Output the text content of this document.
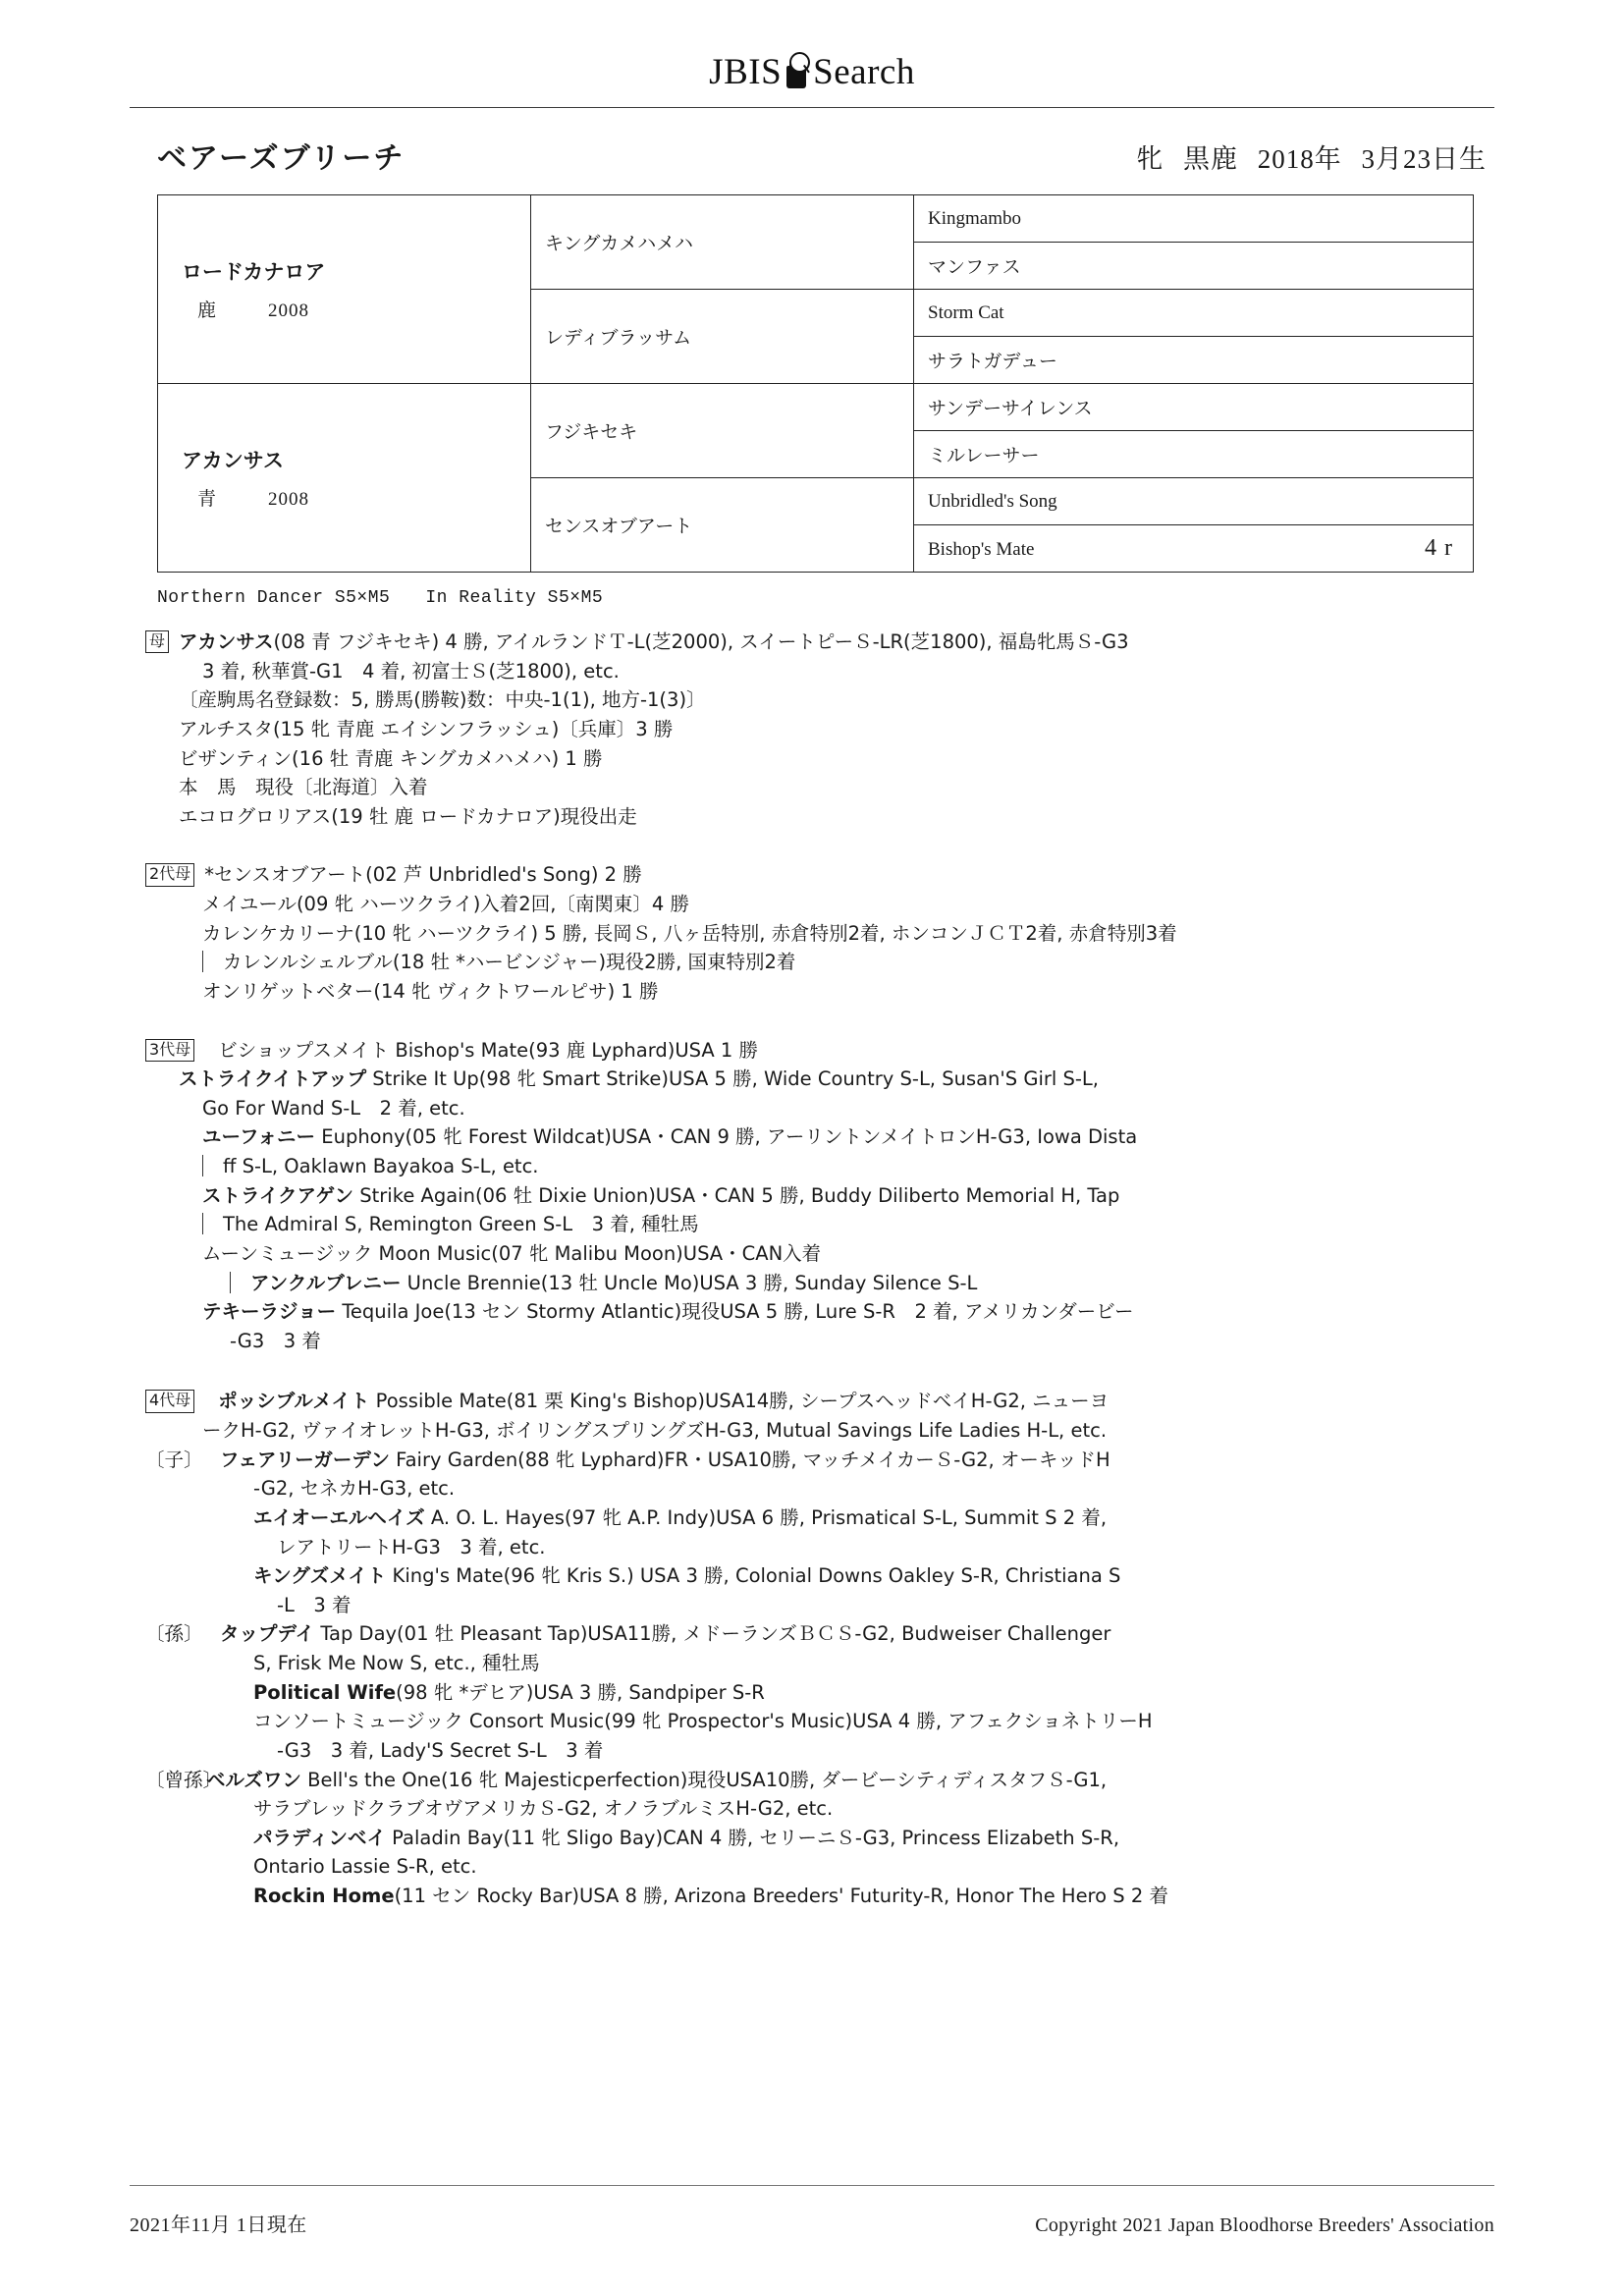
JBIS Search
ベアーズブリーチ	牝 黒鹿 2018年 3月23日生
ロードカナロア
鹿 2008	キングカメハメハ	Kingmambo
		マンファス
	レディブラッサム	Storm Cat
		サラトガデュー

アカンサス
青 2008	フジキセキ	サンデーサイレンス
		ミルレーサー
	センスオブアート	Unbridled's Song

		Bishop's Mate 4 r
Northern Dancer S5×M5 In Reality S5×M5
母 アカンサス(08 青 フジキセキ) 4 勝, アイルランドＴ-L(芝2000), スイートピーＳ-LR(芝1800), 福島牝馬Ｓ-G3
3 着, 秋華賞-G1　4 着, 初富士Ｓ(芝1800), etc.
〔産駒馬名登録数：5, 勝馬(勝鞍)数：中央-1(1), 地方-1(3)〕
アルチスタ(15 牝 青鹿 エイシンフラッシュ)〔兵庫〕3 勝
ビザンティン(16 牡 青鹿 キングカメハメハ) 1 勝
本　馬　現役〔北海道〕入着
エコログロリアス(19 牡 鹿 ロードカナロア)現役出走
2代母 *センスオブアート(02 芦 Unbridled's Song) 2 勝
メイユール(09 牝 ハーツクライ)入着2回,〔南関東〕4 勝
カレンケカリーナ(10 牝 ハーツクライ) 5 勝, 長岡Ｓ, 八ヶ岳特別, 赤倉特別2着, ホンコンＪＣＴ2着, 赤倉特別3着
カレンルシェルブル(18 牡 *ハービンジャー)現役2勝, 国東特別2着
オンリゲットベター(14 牝 ヴィクトワールピサ) 1 勝
3代母 ビショップスメイト Bishop's Mate(93 鹿 Lyphard)USA 1 勝
ストライクイトアップ Strike It Up(98 牝 Smart Strike)USA 5 勝, Wide Country S-L, Susan'S Girl S-L,
Go For Wand S-L　2 着, etc.
ユーフォニー Euphony(05 牝 Forest Wildcat)USA・CAN 9 勝, アーリントンメイトロンH-G3, Iowa Dista
ff S-L, Oaklawn Bayakoa S-L, etc.
ストライクアゲン Strike Again(06 牡 Dixie Union)USA・CAN 5 勝, Buddy Diliberto Memorial H, Tap
The Admiral S, Remington Green S-L　3 着, 種牡馬
ムーンミュージック Moon Music(07 牝 Malibu Moon)USA・CAN入着
アンクルブレニー Uncle Brennie(13 牡 Uncle Mo)USA 3 勝, Sunday Silence S-L
テキーラジョー Tequila Joe(13 セン Stormy Atlantic)現役USA 5 勝, Lure S-R　2 着, アメリカンダービー
-G3　3 着
4代母 ポッシブルメイト Possible Mate(81 栗 King's Bishop)USA14勝, シープスヘッドベイH-G2, ニューヨ
ークH-G2, ヴァイオレットH-G3, ボイリングスプリングズH-G3, Mutual Savings Life Ladies H-L, etc.
〔子〕 フェアリーガーデン Fairy Garden(88 牝 Lyphard)FR・USA10勝, マッチメイカーＳ-G2, オーキッドH
-G2, セネカH-G3, etc.
エイオーエルヘイズ A. O. L. Hayes(97 牝 A.P. Indy)USA 6 勝, Prismatical S-L, Summit S 2 着,
レアトリートH-G3　3 着, etc.
キングズメイト King's Mate(96 牝 Kris S.) USA 3 勝, Colonial Downs Oakley S-R, Christiana S
-L　3 着
〔孫〕 タップデイ Tap Day(01 牡 Pleasant Tap)USA11勝, メドーランズＢＣＳ-G2, Budweiser Challenger
S, Frisk Me Now S, etc., 種牡馬
Political Wife(98 牝 *デヒア)USA 3 勝, Sandpiper S-R
コンソートミュージック Consort Music(99 牝 Prospector's Music)USA 4 勝, アフェクショネトリーH
-G3　3 着, Lady'S Secret S-L　3 着
〔曾孫〕ベルズワン Bell's the One(16 牝 Majesticperfection)現役USA10勝, ダービーシティディスタフＳ-G1,
サラブレッドクラブオヴアメリカＳ-G2, オノラブルミスH-G2, etc.
パラディンベイ Paladin Bay(11 牝 Sligo Bay)CAN 4 勝, セリーニＳ-G3, Princess Elizabeth S-R,
Ontario Lassie S-R, etc.
Rockin Home(11 セン Rocky Bar)USA 8 勝, Arizona Breeders' Futurity-R, Honor The Hero S 2 着
2021年11月 1日現在	Copyright 2021 Japan Bloodhorse Breeders' Association
